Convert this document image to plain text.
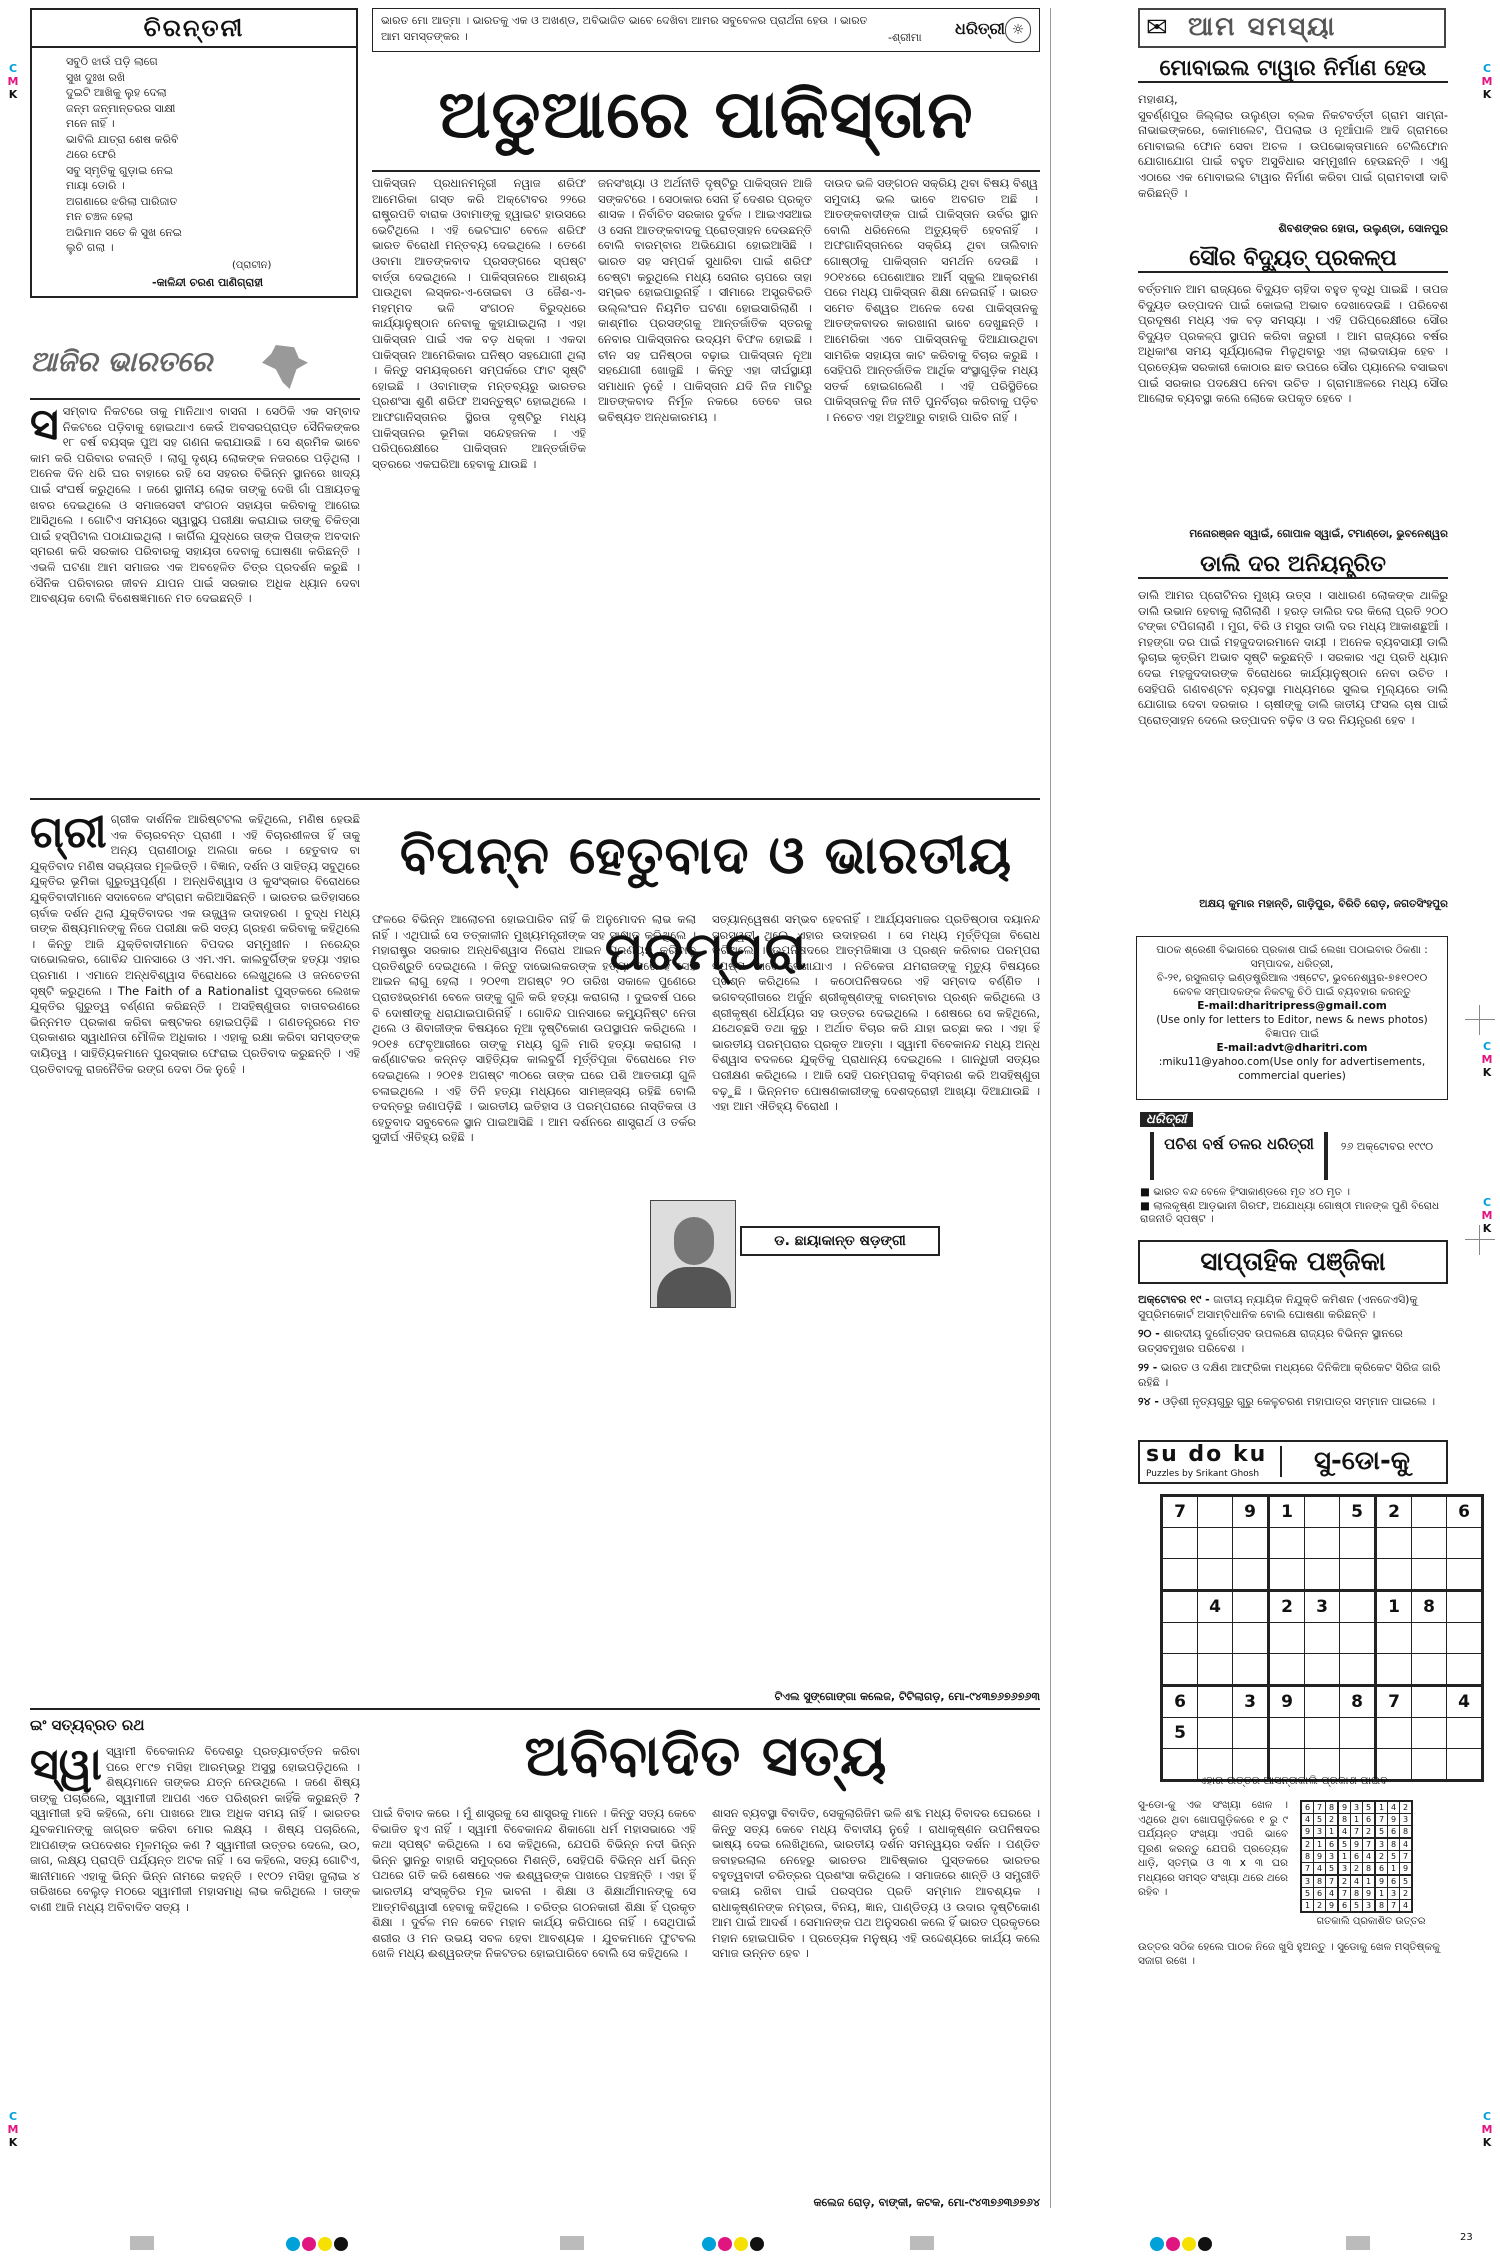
C
M
K
C
M
K
C
M
K
C
M
K
C
M
K
C
M
K
ଭାରତ ମୋ ଆତ୍ମା । ଭାରତକୁ ଏକ ଓ ଅଖଣ୍ଡ, ଅବିଭାଜିତ ଭାବେ ଦେଖିବା ଆମର ସବୁବେଳର ପ୍ରାର୍ଥନା ହେଉ । ଭାରତ ଆମ ସମସ୍ତଙ୍କର ।	-ଶ୍ରୀମା ଧରିତ୍ରୀ ☼
ଚିରନ୍ତନୀ
ସବୁଠି ଝାଉଁ ପଡ଼ି ଲାଗେ
ସୁଖ ଦୁଃଖ ରଖି
ଦୁଇଟି ଆଖିକୁ ଲୁହ ଦେଲା
ଜନ୍ମ ଜନ୍ମାନ୍ତରର ସାକ୍ଷୀ
ମନେ ନାହିଁ ।
ଭାବିଲି ଯାତ୍ରା ଶେଷ କରିବି
ଥରେ ଫେରି
ସବୁ ସ୍ମୃତିକୁ ଗୁଡ଼ାଇ ନେଇ
ମାୟା ଡୋରି ।
ଅଗଣାରେ ଝରିଲା ପାରିଜାତ
ମନ ଚଞ୍ଚଳ ହେଲା
ଅଭିମାନ ସତେ କି ସୁଖ ନେଇ
ଲୁଚି ଗଲା ।
(ପ୍ରାଚୀନ)
-କାଳିନ୍ଦୀ ଚରଣ ପାଣିଗ୍ରାହୀ
ଆଜିର ଭାରତରେ
ସସମ୍ବାଦ ନିକଟରେ ତାକୁ ମାନିଥାଏ ବାସନା । ସେଠିକି ଏକ ସମ୍ବାଦ ନିକଟରେ ପଡ଼ିବାକୁ ହୋଇଥାଏ କେଉଁ ଅବସରପ୍ରାପ୍ତ ସୈନିକଙ୍କର ୧୮ ବର୍ଷ ବୟସ୍କ ପୁଅ ସହ ଗଣନା କରାଯାଉଛି । ସେ ଶ୍ରମିକ ଭାବେ କାମ କରି ପରିବାର ଚଳାନ୍ତି । ଲାଗୁ ଦୃଶ୍ୟ ଲୋକଙ୍କ ନଜରରେ ପଡ଼ିଥିଲା । ଅନେକ ଦିନ ଧରି ଘର ବାହାରେ ରହି ସେ ସହରର ବିଭିନ୍ନ ସ୍ଥାନରେ ଖାଦ୍ୟ ପାଇଁ ସଂଘର୍ଷ କରୁଥିଲେ । ଜଣେ ସ୍ଥାନୀୟ ଲୋକ ତାଙ୍କୁ ଦେଖି ଗାଁ ପଞ୍ଚାୟତକୁ ଖବର ଦେଇଥିଲେ ଓ ସମାଜସେବୀ ସଂଗଠନ ସହାୟତା କରିବାକୁ ଆଗେଇ ଆସିଥିଲେ । ଗୋଟିଏ ସମୟରେ ସ୍ୱାସ୍ଥ୍ୟ ପରୀକ୍ଷା କରାଯାଇ ତାଙ୍କୁ ଚିକିତ୍ସା ପାଇଁ ହସ୍ପିଟାଲ ପଠାଯାଇଥିଲା । କାର୍ଗିଲ ଯୁଦ୍ଧରେ ତାଙ୍କ ପିତାଙ୍କ ଅବଦାନ ସ୍ମରଣ କରି ସରକାର ପରିବାରକୁ ସହାୟତା ଦେବାକୁ ଘୋଷଣା କରିଛନ୍ତି । ଏଭଳି ଘଟଣା ଆମ ସମାଜର ଏକ ଅବହେଳିତ ଚିତ୍ର ପ୍ରଦର୍ଶନ କରୁଛି । ସୈନିକ ପରିବାରର ଜୀବନ ଯାପନ ପାଇଁ ସରକାର ଅଧିକ ଧ୍ୟାନ ଦେବା ଆବଶ୍ୟକ ବୋଲି ବିଶେଷଜ୍ଞମାନେ ମତ ଦେଇଛନ୍ତି ।
ଅଡୁଆରେ ପାକିସ୍ତାନ
ପାକିସ୍ତାନ ପ୍ରଧାନମନ୍ତ୍ରୀ ନୱାଜ ଶରିଫ ଆମେରିକା ଗସ୍ତ କରି ଅକ୍ଟୋବର ୨୨ରେ ରାଷ୍ଟ୍ରପତି ବାରାକ ଓବାମାଙ୍କୁ ହ୍ୱାଇଟ ହାଉସରେ ଭେଟିଥିଲେ । ଏହି ଭେଟଘାଟ ବେଳେ ଶରିଫ ଭାରତ ବିରୋଧୀ ମନ୍ତବ୍ୟ ଦେଇଥିଲେ । ତେଣେ ଓବାମା ଆତଙ୍କବାଦ ପ୍ରସଙ୍ଗରେ ସ୍ପଷ୍ଟ ବାର୍ତ୍ତା ଦେଇଥିଲେ । ପାକିସ୍ତାନରେ ଆଶ୍ରୟ ପାଉଥିବା ଲସ୍କର-ଏ-ତୋଇବା ଓ ଜୈଶ-ଏ-ମହମ୍ମଦ ଭଳି ସଂଗଠନ ବିରୁଦ୍ଧରେ କାର୍ଯ୍ୟାନୁଷ୍ଠାନ ନେବାକୁ କୁହାଯାଇଥିଲା । ଏହା ପାକିସ୍ତାନ ପାଇଁ ଏକ ବଡ଼ ଧକ୍କା । ଏକଦା ପାକିସ୍ତାନ ଆମେରିକାର ଘନିଷ୍ଠ ସହଯୋଗୀ ଥିଲା । କିନ୍ତୁ ସମୟକ୍ରମେ ସମ୍ପର୍କରେ ଫାଟ ସୃଷ୍ଟି ହୋଇଛି । ଓବାମାଙ୍କ ମନ୍ତବ୍ୟରୁ ଭାରତର ପ୍ରଶଂସା ଶୁଣି ଶରିଫ ଅସନ୍ତୁଷ୍ଟ ହୋଇଥିଲେ । ଆଫଗାନିସ୍ତାନର ସ୍ଥିରତା ଦୃଷ୍ଟିରୁ ମଧ୍ୟ ପାକିସ୍ତାନର ଭୂମିକା ସନ୍ଦେହଜନକ । ଏହି ପରିପ୍ରେକ୍ଷୀରେ ପାକିସ୍ତାନ ଆନ୍ତର୍ଜାତିକ ସ୍ତରରେ ଏକଘରିଆ ହେବାକୁ ଯାଉଛି ।
ଜନସଂଖ୍ୟା ଓ ଅର୍ଥନୀତି ଦୃଷ୍ଟିରୁ ପାକିସ୍ତାନ ଆଜି ସଙ୍କଟରେ । ସେଠାକାର ସେନା ହିଁ ଦେଶର ପ୍ରକୃତ ଶାସକ । ନିର୍ବାଚିତ ସରକାର ଦୁର୍ବଳ । ଆଇଏସଆଇ ଓ ସେନା ଆତଙ୍କବାଦକୁ ପ୍ରୋତ୍ସାହନ ଦେଉଛନ୍ତି ବୋଲି ବାରମ୍ବାର ଅଭିଯୋଗ ହୋଇଆସିଛି । ଭାରତ ସହ ସମ୍ପର୍କ ସୁଧାରିବା ପାଇଁ ଶରିଫ ଚେଷ୍ଟା କରୁଥିଲେ ମଧ୍ୟ ସେନାର ଚାପରେ ତାହା ସମ୍ଭବ ହୋଇପାରୁନାହିଁ । ସୀମାରେ ଅସ୍ତ୍ରବିରତି ଉଲ୍ଲଂଘନ ନିୟମିତ ଘଟଣା ହୋଇସାରିଲାଣି । କାଶ୍ମୀର ପ୍ରସଙ୍ଗକୁ ଆନ୍ତର୍ଜାତିକ ସ୍ତରକୁ ନେବାର ପାକିସ୍ତାନର ଉଦ୍ୟମ ବିଫଳ ହୋଇଛି । ଚୀନ ସହ ଘନିଷ୍ଠତା ବଢ଼ାଇ ପାକିସ୍ତାନ ନୂଆ ସହଯୋଗୀ ଖୋଜୁଛି । କିନ୍ତୁ ଏହା ଦୀର୍ଘସ୍ଥାୟୀ ସମାଧାନ ନୁହେଁ । ପାକିସ୍ତାନ ଯଦି ନିଜ ମାଟିରୁ ଆତଙ୍କବାଦ ନିର୍ମୂଳ ନକରେ ତେବେ ତାର ଭବିଷ୍ୟତ ଅନ୍ଧକାରମୟ ।
ଦାଉଦ ଭଳି ସଙ୍ଗଠନ ସକ୍ରିୟ ଥିବା ବିଷୟ ବିଶ୍ୱ ସମୁଦାୟ ଭଲ ଭାବେ ଅବଗତ ଅଛି । ଆତଙ୍କବାଦୀଙ୍କ ପାଇଁ ପାକିସ୍ତାନ ଉର୍ବର ସ୍ଥାନ ବୋଲି ଧରିନେଲେ ଅତ୍ୟୁକ୍ତି ହେବନାହିଁ । ଅଫଗାନିସ୍ତାନରେ ସକ୍ରିୟ ଥିବା ତାଲିବାନ ଗୋଷ୍ଠୀକୁ ପାକିସ୍ତାନ ସମର୍ଥନ ଦେଉଛି । ୨୦୧୪ରେ ପେଶୋଆର ଆର୍ମି ସ୍କୁଲ ଆକ୍ରମଣ ପରେ ମଧ୍ୟ ପାକିସ୍ତାନ ଶିକ୍ଷା ନେଇନାହିଁ । ଭାରତ ସମେତ ବିଶ୍ୱର ଅନେକ ଦେଶ ପାକିସ୍ତାନକୁ ଆତଙ୍କବାଦର କାରଖାନା ଭାବେ ଦେଖୁଛନ୍ତି । ଆମେରିକା ଏବେ ପାକିସ୍ତାନକୁ ଦିଆଯାଉଥିବା ସାମରିକ ସହାୟତା କାଟ କରିବାକୁ ବିଚାର କରୁଛି । ସେହିପରି ଆନ୍ତର୍ଜାତିକ ଆର୍ଥିକ ସଂସ୍ଥାଗୁଡ଼ିକ ମଧ୍ୟ ସତର୍କ ହୋଇଗଲେଣି । ଏହି ପରିସ୍ଥିତିରେ ପାକିସ୍ତାନକୁ ନିଜ ନୀତି ପୁନର୍ବିଚାର କରିବାକୁ ପଡ଼ିବ । ନଚେତ ଏହା ଅଡୁଆରୁ ବାହାରି ପାରିବ ନାହିଁ ।
ବିପନ୍ନ ହେତୁବାଦ ଓ ଭାରତୀୟ ପରମ୍ପରା
ଗ୍ରୀ ଗ୍ରୀକ ଦାର୍ଶନିକ ଆରିଷ୍ଟଟଲ କହିଥିଲେ, ମଣିଷ ହେଉଛି ଏକ ବିଚାରବନ୍ତ ପ୍ରାଣୀ । ଏହି ବିଚାରଶୀଳତା ହିଁ ତାକୁ ଅନ୍ୟ ପ୍ରାଣୀଠାରୁ ଅଲଗା କରେ । ହେତୁବାଦ ବା ଯୁକ୍ତିବାଦ ମଣିଷ ସଭ୍ୟତାର ମୂଳଭିତ୍ତି । ବିଜ୍ଞାନ, ଦର୍ଶନ ଓ ସାହିତ୍ୟ ସବୁଥିରେ ଯୁକ୍ତିର ଭୂମିକା ଗୁରୁତ୍ୱପୂର୍ଣ୍ଣ । ଅନ୍ଧବିଶ୍ୱାସ ଓ କୁସଂସ୍କାର ବିରୋଧରେ ଯୁକ୍ତିବାଦୀମାନେ ସଦାବେଳେ ସଂଗ୍ରାମ କରିଆସିଛନ୍ତି । ଭାରତର ଇତିହାସରେ ଚାର୍ବାକ ଦର୍ଶନ ଥିଲା ଯୁକ୍ତିବାଦର ଏକ ଉଜ୍ଜ୍ୱଳ ଉଦାହରଣ । ବୁଦ୍ଧ ମଧ୍ୟ ତାଙ୍କ ଶିଷ୍ୟମାନଙ୍କୁ ନିଜେ ପରୀକ୍ଷା କରି ସତ୍ୟ ଗ୍ରହଣ କରିବାକୁ କହିଥିଲେ । କିନ୍ତୁ ଆଜି ଯୁକ୍ତିବାଦୀମାନେ ବିପଦର ସମ୍ମୁଖୀନ । ନରେନ୍ଦ୍ର ଦାଭୋଲକର, ଗୋବିନ୍ଦ ପାନସାରେ ଓ ଏମ.ଏମ. କାଲବୁର୍ଗିଙ୍କ ହତ୍ୟା ଏହାର ପ୍ରମାଣ । ଏମାନେ ଅନ୍ଧବିଶ୍ୱାସ ବିରୋଧରେ ଲେଖୁଥିଲେ ଓ ଜନଚେତନା ସୃଷ୍ଟି କରୁଥିଲେ । The Faith of a Rationalist ପୁସ୍ତକରେ ଲେଖକ ଯୁକ୍ତିର ଗୁରୁତ୍ୱ ବର୍ଣ୍ଣନା କରିଛନ୍ତି । ଅସହିଷ୍ଣୁତାର ବାତାବରଣରେ ଭିନ୍ନମତ ପ୍ରକାଶ କରିବା କଷ୍ଟକର ହୋଇପଡ଼ିଛି । ଗଣତନ୍ତ୍ରରେ ମତ ପ୍ରକାଶର ସ୍ୱାଧୀନତା ମୌଳିକ ଅଧିକାର । ଏହାକୁ ରକ୍ଷା କରିବା ସମସ୍ତଙ୍କ ଦାୟିତ୍ୱ । ସାହିତ୍ୟିକମାନେ ପୁରସ୍କାର ଫେରାଇ ପ୍ରତିବାଦ କରୁଛନ୍ତି । ଏହି ପ୍ରତିବାଦକୁ ରାଜନୈତିକ ରଙ୍ଗ ଦେବା ଠିକ ନୁହେଁ ।
ଫଳରେ ବିଭିନ୍ନ ଆଲୋଚନା ହୋଇପାରିବ ନାହିଁ କି ଅନୁମୋଦନ ଲାଭ କଲା ନାହିଁ । ଏଥିପାଇଁ ସେ ତତ୍କାଳୀନ ମୁଖ୍ୟମନ୍ତ୍ରୀଙ୍କ ସହ ସାକ୍ଷାତ କରିଥିଲେ । ମହାରାଷ୍ଟ୍ର ସରକାର ଅନ୍ଧବିଶ୍ୱାସ ନିରୋଧ ଆଇନ ପ୍ରଣୟନ କରିବାକୁ ପ୍ରତିଶ୍ରୁତି ଦେଇଥିଲେ । କିନ୍ତୁ ଦାଭୋଲକରଙ୍କ ହତ୍ୟା ପରେ ହିଁ ସେହି ଆଇନ ଲାଗୁ ହେଲା । ୨୦୧୩ ଅଗଷ୍ଟ ୨୦ ତାରିଖ ସକାଳେ ପୁଣେରେ ପ୍ରାତଃଭ୍ରମଣ ବେଳେ ତାଙ୍କୁ ଗୁଳି କରି ହତ୍ୟା କରାଗଲା । ଦୁଇବର୍ଷ ପରେ ବି ଦୋଷୀଙ୍କୁ ଧରାଯାଇପାରିନାହିଁ । ଗୋବିନ୍ଦ ପାନସାରେ କମ୍ୟୁନିଷ୍ଟ ନେତା ଥିଲେ ଓ ଶିବାଜୀଙ୍କ ବିଷୟରେ ନୂଆ ଦୃଷ୍ଟିକୋଣ ଉପସ୍ଥାପନ କରିଥିଲେ । ୨୦୧୫ ଫେବୃଆରୀରେ ତାଙ୍କୁ ମଧ୍ୟ ଗୁଳି ମାରି ହତ୍ୟା କରାଗଲା । କର୍ଣ୍ଣାଟକର କନ୍ନଡ଼ ସାହିତ୍ୟିକ କାଲବୁର୍ଗି ମୂର୍ତ୍ତିପୂଜା ବିରୋଧରେ ମତ ଦେଇଥିଲେ । ୨୦୧୫ ଅଗଷ୍ଟ ୩୦ରେ ତାଙ୍କ ଘରେ ପଶି ଆତତାୟୀ ଗୁଳି ଚଳାଇଥିଲେ । ଏହି ତିନି ହତ୍ୟା ମଧ୍ୟରେ ସାମଞ୍ଜସ୍ୟ ରହିଛି ବୋଲି ତଦନ୍ତରୁ ଜଣାପଡ଼ିଛି । ଭାରତୀୟ ଇତିହାସ ଓ ପରମ୍ପରାରେ ନାସ୍ତିକତା ଓ ହେତୁବାଦ ସବୁବେଳେ ସ୍ଥାନ ପାଇଆସିଛି । ଆମ ଦର୍ଶନରେ ଶାସ୍ତ୍ରାର୍ଥ ଓ ତର୍କର ସୁଦୀର୍ଘ ଐତିହ୍ୟ ରହିଛି ।
ସତ୍ୟାନ୍ୱେଷଣ ସମ୍ଭବ ହେବନାହିଁ । ଆର୍ଯ୍ୟସମାଜର ପ୍ରତିଷ୍ଠାତା ଦୟାନନ୍ଦ ସରସ୍ୱତୀ ଥିଲେ ଏହାର ଉଦାହରଣ । ସେ ମଧ୍ୟ ମୂର୍ତ୍ତିପୂଜା ବିରୋଧ କରିଥିଲେ । ଉପନିଷଦରେ ଆତ୍ମଜିଜ୍ଞାସା ଓ ପ୍ରଶ୍ନ କରିବାର ପରମ୍ପରା ସ୍ପଷ୍ଟ ଭାବେ ଦେଖାଯାଏ । ନଚିକେତା ଯମରାଜଙ୍କୁ ମୃତ୍ୟୁ ବିଷୟରେ ପ୍ରଶ୍ନ କରିଥିଲେ । କଠୋପନିଷଦରେ ଏହି ସମ୍ବାଦ ବର୍ଣ୍ଣିତ । ଭଗବଦ୍‌ଗୀତାରେ ଅର୍ଜୁନ ଶ୍ରୀକୃଷ୍ଣଙ୍କୁ ବାରମ୍ବାର ପ୍ରଶ୍ନ କରିଥିଲେ ଓ ଶ୍ରୀକୃଷ୍ଣ ଧୈର୍ଯ୍ୟର ସହ ଉତ୍ତର ଦେଇଥିଲେ । ଶେଷରେ ସେ କହିଥିଲେ, ଯଥେଚ୍ଛସି ତଥା କୁରୁ । ଅର୍ଥାତ ବିଚାର କରି ଯାହା ଇଚ୍ଛା କର । ଏହା ହିଁ ଭାରତୀୟ ପରମ୍ପରାର ପ୍ରକୃତ ଆତ୍ମା । ସ୍ୱାମୀ ବିବେକାନନ୍ଦ ମଧ୍ୟ ଅନ୍ଧ ବିଶ୍ୱାସ ବଦଳରେ ଯୁକ୍ତିକୁ ପ୍ରାଧାନ୍ୟ ଦେଇଥିଲେ । ଗାନ୍ଧିଜୀ ସତ୍ୟର ପରୀକ୍ଷଣ କରିଥିଲେ । ଆଜି ସେହି ପରମ୍ପରାକୁ ବିସ୍ମରଣ କରି ଅସହିଷ୍ଣୁତା ବଢ଼ୁଛି । ଭିନ୍ନମତ ପୋଷଣକାରୀଙ୍କୁ ଦେଶଦ୍ରୋହୀ ଆଖ୍ୟା ଦିଆଯାଉଛି । ଏହା ଆମ ଐତିହ୍ୟ ବିରୋଧୀ ।
ଡ. ଛାୟାକାନ୍ତ ଷଡ଼ଙ୍ଗୀ
ଟିଏଲ ସୁଙ୍ଗୋଙ୍ଗା କଲେଜ, ଟିଟିଲାଗଡ଼, ମୋ-୯୪୩୭୬୭୬୭୬୩
ଇଂ ସତ୍ୟବ୍ରତ ରଥ	ଅବିବାଦିତ ସତ୍ୟ
ସ୍ୱା ସ୍ୱାମୀ ବିବେକାନନ୍ଦ ବିଦେଶରୁ ପ୍ରତ୍ୟାବର୍ତ୍ତନ କରିବା ପରେ ୧୮୯୭ ମସିହା ଆରମ୍ଭରୁ ଅସୁସ୍ଥ ହୋଇପଡ଼ିଥିଲେ । ଶିଷ୍ୟମାନେ ତାଙ୍କର ଯତ୍ନ ନେଉଥିଲେ । ଜଣେ ଶିଷ୍ୟ ତାଙ୍କୁ ପଚାରିଲେ, ସ୍ୱାମୀଜୀ ଆପଣ ଏତେ ପରିଶ୍ରମ କାହିଁକି କରୁଛନ୍ତି ? ସ୍ୱାମୀଜୀ ହସି କହିଲେ, ମୋ ପାଖରେ ଆଉ ଅଧିକ ସମୟ ନାହିଁ । ଭାରତର ଯୁବକମାନଙ୍କୁ ଜାଗ୍ରତ କରିବା ମୋର ଲକ୍ଷ୍ୟ । ଶିଷ୍ୟ ପଚାରିଲେ, ଆପଣଙ୍କ ଉପଦେଶର ମୂଳମନ୍ତ୍ର କଣ ? ସ୍ୱାମୀଜୀ ଉତ୍ତର ଦେଲେ, ଉଠ, ଜାଗ, ଲକ୍ଷ୍ୟ ପ୍ରାପ୍ତି ପର୍ଯ୍ୟନ୍ତ ଅଟକ ନାହିଁ । ସେ କହିଲେ, ସତ୍ୟ ଗୋଟିଏ, ଜ୍ଞାନୀମାନେ ଏହାକୁ ଭିନ୍ନ ଭିନ୍ନ ନାମରେ କହନ୍ତି । ୧୯୦୨ ମସିହା ଜୁଲାଇ ୪ ତାରିଖରେ ବେଲୁଡ଼ ମଠରେ ସ୍ୱାମୀଜୀ ମହାସମାଧି ଲାଭ କରିଥିଲେ । ତାଙ୍କ ବାଣୀ ଆଜି ମଧ୍ୟ ଅବିବାଦିତ ସତ୍ୟ ।
ପାଇଁ ବିବାଦ କରେ । ମୁଁ ଶାସ୍ତ୍ରକୁ ସେ ଶାସ୍ତ୍ରକୁ ମାନେ । କିନ୍ତୁ ସତ୍ୟ କେବେ ବିଭାଜିତ ହୁଏ ନାହିଁ । ସ୍ୱାମୀ ବିବେକାନନ୍ଦ ଶିକାଗୋ ଧର୍ମ ମହାସଭାରେ ଏହି କଥା ସ୍ପଷ୍ଟ କରିଥିଲେ । ସେ କହିଥିଲେ, ଯେପରି ବିଭିନ୍ନ ନଦୀ ଭିନ୍ନ ଭିନ୍ନ ସ୍ଥାନରୁ ବାହାରି ସମୁଦ୍ରରେ ମିଶନ୍ତି, ସେହିପରି ବିଭିନ୍ନ ଧର୍ମ ଭିନ୍ନ ପଥରେ ଗତି କରି ଶେଷରେ ଏକ ଈଶ୍ୱରଙ୍କ ପାଖରେ ପହଞ୍ଚନ୍ତି । ଏହା ହିଁ ଭାରତୀୟ ସଂସ୍କୃତିର ମୂଳ ଭାବନା । ଶିକ୍ଷା ଓ ଶିକ୍ଷାର୍ଥୀମାନଙ୍କୁ ସେ ଆତ୍ମବିଶ୍ୱାସୀ ହେବାକୁ କହିଥିଲେ । ଚରିତ୍ର ଗଠନକାରୀ ଶିକ୍ଷା ହିଁ ପ୍ରକୃତ ଶିକ୍ଷା । ଦୁର୍ବଳ ମନ କେବେ ମହାନ କାର୍ଯ୍ୟ କରିପାରେ ନାହିଁ । ସେଥିପାଇଁ ଶରୀର ଓ ମନ ଉଭୟ ସବଳ ହେବା ଆବଶ୍ୟକ । ଯୁବକମାନେ ଫୁଟବଲ ଖେଳି ମଧ୍ୟ ଈଶ୍ୱରଙ୍କ ନିକଟତର ହୋଇପାରିବେ ବୋଲି ସେ କହିଥିଲେ ।
ଶାସନ ବ୍ୟବସ୍ଥା ବିବାଦିତ, ସେକୁଲାରିଜିମ ଭଳି ଶବ୍ଦ ମଧ୍ୟ ବିବାଦର ଘେରରେ । କିନ୍ତୁ ସତ୍ୟ କେବେ ମଧ୍ୟ ବିବାଦୀୟ ନୁହେଁ । ରାଧାକୃଷ୍ଣନ ଉପନିଷଦର ଭାଷ୍ୟ ଦେଇ ଲେଖିଥିଲେ, ଭାରତୀୟ ଦର୍ଶନ ସମନ୍ୱୟର ଦର୍ଶନ । ପଣ୍ଡିତ ଜବାହରଲାଲ ନେହେରୁ ଭାରତର ଆବିଷ୍କାର ପୁସ୍ତକରେ ଭାରତର ବହୁତ୍ୱବାଦୀ ଚରିତ୍ରର ପ୍ରଶଂସା କରିଥିଲେ । ସମାଜରେ ଶାନ୍ତି ଓ ସମ୍ପ୍ରୀତି ବଜାୟ ରଖିବା ପାଇଁ ପରସ୍ପର ପ୍ରତି ସମ୍ମାନ ଆବଶ୍ୟକ । ରାଧାକୃଷ୍ଣନଙ୍କ ନମ୍ରତା, ବିନୟ, ଜ୍ଞାନ, ପାଣ୍ଡିତ୍ୟ ଓ ଉଦାର ଦୃଷ୍ଟିକୋଣ ଆମ ପାଇଁ ଆଦର୍ଶ । ସେମାନଙ୍କ ପଥ ଅନୁସରଣ କଲେ ହିଁ ଭାରତ ପ୍ରକୃତରେ ମହାନ ହୋଇପାରିବ । ପ୍ରତ୍ୟେକ ମନୁଷ୍ୟ ଏହି ଉଦ୍ଦେଶ୍ୟରେ କାର୍ଯ୍ୟ କଲେ ସମାଜ ଉନ୍ନତ ହେବ ।
କଲେଜ ରୋଡ଼, ବାଙ୍କୀ, କଟକ, ମୋ-୯୪୩୭୬୩୬୭୬୪
✉ ଆମ ସମସ୍ୟା
ମୋବାଇଲ ଟାୱାର ନିର୍ମାଣ ହେଉ
ମହାଶୟ,
ସୁବର୍ଣ୍ଣପୁର ଜିଲ୍ଲାର ଉଲୁଣ୍ଡା ବ୍ଲକ ନିକଟବର୍ତ୍ତୀ ଗ୍ରାମ ସାମ୍ନା-ନାଭାଇଙ୍କରେ, କୋମାଲେଟ, ପିପଲାଇ ଓ ନୂଆଁପାଳି ଆଦି ଗ୍ରାମରେ ମୋବାଇଲ ଫୋନ ସେବା ଅଚଳ । ଉପଭୋକ୍ତାମାନେ ଟେଲିଫୋନ ଯୋଗାଯୋଗ ପାଇଁ ବହୁତ ଅସୁବିଧାର ସମ୍ମୁଖୀନ ହେଉଛନ୍ତି । ଏଣୁ ଏଠାରେ ଏକ ମୋବାଇଲ ଟାୱାର ନିର୍ମାଣ କରିବା ପାଇଁ ଗ୍ରାମବାସୀ ଦାବି କରିଛନ୍ତି ।
ଶିବଶଙ୍କର ହୋତା, ଉଲୁଣ୍ଡା, ସୋନପୁର
ସୌର ବିଦ୍ୟୁତ୍ ପ୍ରକଳ୍ପ
ବର୍ତ୍ତମାନ ଆମ ରାଜ୍ୟରେ ବିଦ୍ୟୁତ ଚାହିଦା ବହୁତ ବୃଦ୍ଧି ପାଇଛି । ତାପଜ ବିଦ୍ୟୁତ ଉତ୍ପାଦନ ପାଇଁ କୋଇଲା ଅଭାବ ଦେଖାଦେଉଛି । ପରିବେଶ ପ୍ରଦୂଷଣ ମଧ୍ୟ ଏକ ବଡ଼ ସମସ୍ୟା । ଏହି ପରିପ୍ରେକ୍ଷୀରେ ସୌର ବିଦ୍ୟୁତ ପ୍ରକଳ୍ପ ସ୍ଥାପନ କରିବା ଜରୁରୀ । ଆମ ରାଜ୍ୟରେ ବର୍ଷର ଅଧିକାଂଶ ସମୟ ସୂର୍ଯ୍ୟାଲୋକ ମିଳୁଥିବାରୁ ଏହା ଲାଭଦାୟକ ହେବ । ପ୍ରତ୍ୟେକ ସରକାରୀ କୋଠାର ଛାତ ଉପରେ ସୌର ପ୍ୟାନେଲ ବସାଇବା ପାଇଁ ସରକାର ପଦକ୍ଷେପ ନେବା ଉଚିତ । ଗ୍ରାମାଞ୍ଚଳରେ ମଧ୍ୟ ସୌର ଆଲୋକ ବ୍ୟବସ୍ଥା କଲେ ଲୋକେ ଉପକୃତ ହେବେ ।
ମନୋରଞ୍ଜନ ସ୍ୱାଇଁ, ଗୋପାଳ ସ୍ୱାଇଁ, ଟମାଣ୍ଡୋ, ଭୁବନେଶ୍ୱର
ଡାଲି ଦର ଅନିୟନ୍ତ୍ରିତ
ଡାଲି ଆମର ପ୍ରୋଟିନର ମୁଖ୍ୟ ଉତ୍ସ । ସାଧାରଣ ଲୋକଙ୍କ ଥାଳିରୁ ଡାଲି ଉଭାନ ହେବାକୁ ଲାଗିଲାଣି । ହରଡ଼ ଡାଲିର ଦର କିଲୋ ପ୍ରତି ୨୦୦ ଟଙ୍କା ଟପିଗଲାଣି । ମୁଗ, ବିରି ଓ ମସୁର ଡାଲି ଦର ମଧ୍ୟ ଆକାଶଛୁଆଁ । ମହଙ୍ଗା ଦର ପାଇଁ ମହଜୁଦଦାରମାନେ ଦାୟୀ । ଅନେକ ବ୍ୟବସାୟୀ ଡାଲି ଲୁଚାଇ କୃତ୍ରିମ ଅଭାବ ସୃଷ୍ଟି କରୁଛନ୍ତି । ସରକାର ଏଥି ପ୍ରତି ଧ୍ୟାନ ଦେଇ ମହଜୁଦଦାରଙ୍କ ବିରୋଧରେ କାର୍ଯ୍ୟାନୁଷ୍ଠାନ ନେବା ଉଚିତ । ସେହିପରି ଗଣବଣ୍ଟନ ବ୍ୟବସ୍ଥା ମାଧ୍ୟମରେ ସୁଲଭ ମୂଲ୍ୟରେ ଡାଲି ଯୋଗାଇ ଦେବା ଦରକାର । ଚାଷୀଙ୍କୁ ଡାଲି ଜାତୀୟ ଫସଲ ଚାଷ ପାଇଁ ପ୍ରୋତ୍ସାହନ ଦେଲେ ଉତ୍ପାଦନ ବଢ଼ିବ ଓ ଦର ନିୟନ୍ତ୍ରଣ ହେବ ।
ଅକ୍ଷୟ କୁମାର ମହାନ୍ତି, ଗାଡ଼ିପୁର, ବିରିତି ରୋଡ଼, ଜଗତସିଂହପୁର
ପାଠକ ଶ୍ରେଣୀ ବିଭାଗରେ ପ୍ରକାଶ ପାଇଁ ଲେଖା ପଠାଇବାର ଠିକଣା :
ସମ୍ପାଦକ, ଧରିତ୍ରୀ,
ବି-୨୧, ରସୁଲଗଡ଼ ଇଣ୍ଡଷ୍ଟ୍ରିଆଲ ଏଷ୍ଟେଟ, ଭୁବନେଶ୍ୱର-୭୫୧୦୧୦
କେବଳ ସମ୍ପାଦକଙ୍କ ନିକଟକୁ ଚିଠି ପାଇଁ ବ୍ୟବହାର କରନ୍ତୁ
E-mail:dharitripress@gmail.com
(Use only for letters to Editor, news & news photos)
ବିଜ୍ଞାପନ ପାଇଁ
E-mail:advt@dharitri.com
:miku11@yahoo.com(Use only for advertisements, commercial queries)
ଧରିତ୍ରୀ
ପଚିଶ ବର୍ଷ ତଳର ଧରିତ୍ରୀ	୨୬ ଅକ୍ଟୋବର ୧୯୯୦
■ ଭାରତ ବନ୍ଦ ବେଳେ ହିଂସାକାଣ୍ଡରେ ମୃତ ୪୦ ମୃତ ।
■ ଲାଲକୃଷ୍ଣ ଆଡ଼ଭାନୀ ଗିରଫ, ଅଯୋଧ୍ୟା ଗୋଷ୍ଠୀ ମାନଙ୍କ ପୁଣି ବିରୋଧ ରାଜନୀତି ସ୍ପଷ୍ଟ ।
ସାପ୍ତାହିକ ପଞ୍ଜିକା
ଅକ୍ଟୋବର ୧୯ - ଜାତୀୟ ନ୍ୟାୟିକ ନିଯୁକ୍ତି କମିଶନ (ଏନଜେଏସି)କୁ ସୁପ୍ରିମକୋର୍ଟ ଅସାମ୍ବିଧାନିକ ବୋଲି ଘୋଷଣା କରିଛନ୍ତି ।
୨୦ - ଶାରଦୀୟ ଦୁର୍ଗୋତ୍ସବ ଉପଲକ୍ଷେ ରାଜ୍ୟର ବିଭିନ୍ନ ସ୍ଥାନରେ ଉତ୍ସବମୁଖର ପରିବେଶ ।
୨୨ - ଭାରତ ଓ ଦକ୍ଷିଣ ଆଫ୍ରିକା ମଧ୍ୟରେ ଦିନିକିଆ କ୍ରିକେଟ ସିରିଜ ଜାରି ରହିଛି ।
୨୪ - ଓଡ଼ିଶୀ ନୃତ୍ୟଗୁରୁ ଗୁରୁ କେଳୁଚରଣ ମହାପାତ୍ର ସମ୍ମାନ ପାଇଲେ ।
su do ku
Puzzles by Srikant Ghosh	ସୁ-ଡୋ-କୁ
7		9	1		5	2		6

	4		2	3		1	8	

6		3	9		8	7		4
5								

ଏହାର ଉତ୍ତର ଆସନ୍ତାକାଲି ପ୍ରକାଶ ପାଇବ
ସୁ-ଡୋ-କୁ ଏକ ସଂଖ୍ୟା ଖେଳ । ଏଥିରେ ଥିବା ଖୋପଗୁଡ଼ିକରେ ୧ ରୁ ୯ ପର୍ଯ୍ୟନ୍ତ ସଂଖ୍ୟା ଏପରି ଭାବେ ପୂରଣ କରନ୍ତୁ ଯେପରି ପ୍ରତ୍ୟେକ ଧାଡ଼ି, ସ୍ତମ୍ଭ ଓ ୩ x ୩ ଘର ମଧ୍ୟରେ ସମସ୍ତ ସଂଖ୍ୟା ଥରେ ଥରେ ରହିବ ।
6	7	8	9	3	5	1	4	2
4	5	2	8	1	6	7	9	3
9	3	1	4	7	2	5	6	8
2	1	6	5	9	7	3	8	4
8	9	3	1	6	4	2	5	7
7	4	5	3	2	8	6	1	9
3	8	7	2	4	1	9	6	5
5	6	4	7	8	9	1	3	2
1	2	9	6	5	3	8	7	4
ଗତକାଲି ପ୍ରକାଶିତ ଉତ୍ତର
ଉତ୍ତର ସଠିକ ହେଲେ ପାଠକ ନିଜେ ଖୁସି ହୁଅନ୍ତୁ । ସୁଡୋକୁ ଖେଳ ମସ୍ତିଷ୍କକୁ ସଜାଗ ରଖେ ।
23
